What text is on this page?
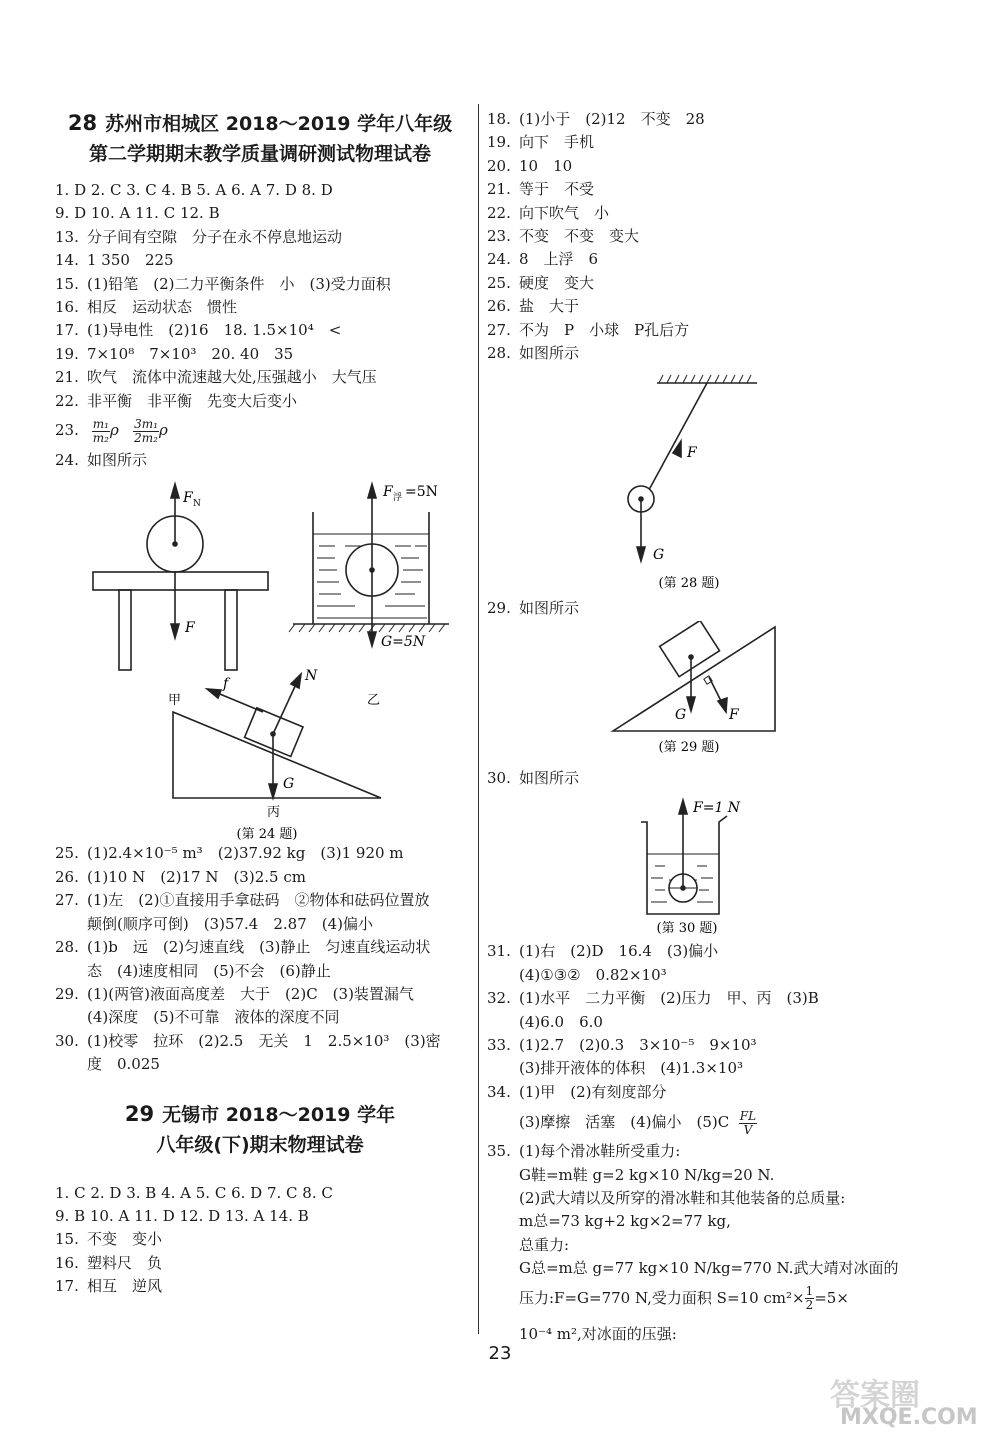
28 苏州市相城区 2018～2019 学年八年级
第二学期期末教学质量调研测试物理试卷
1. D 2. C 3. C 4. B 5. A 6. A 7. D 8. D
9. D 10. A 11. C 12. B
13. 分子间有空隙　分子在永不停息地运动
14. 1 350　225
15. (1)铅笔　(2)二力平衡条件　小　(3)受力面积
16. 相反　运动状态　惯性
17. (1)导电性　(2)16　18. 1.5×10⁴　<
19. 7×10⁸　7×10³　20. 40　35
21. 吹气　流体中流速越大处,压强越小　大气压
22. 非平衡　非平衡　先变大后变小
23. $\frac{\text{m₁}}{\text{m₂}}\rho \frac{\text{3m₁}}{\text{2m₂}}\rho$
24. 如图所示
F N
F
甲
F 浮 =5N
G=5N
乙
f	N
G
丙
(第 24 题)
25. (1)2.4×10⁻⁵ m³　(2)37.92 kg　(3)1 920 m
26. (1)10 N　(2)17 N　(3)2.5 cm
27. (1)左　(2)①直接用手拿砝码　②物体和砝码位置放
颠倒(顺序可倒)　(3)57.4　2.87　(4)偏小
28. (1)b　远　(2)匀速直线　(3)静止　匀速直线运动状
态　(4)速度相同　(5)不会　(6)静止
29. (1)(两管)液面高度差　大于　(2)C　(3)装置漏气
(4)深度　(5)不可靠　液体的深度不同
30. (1)校零　拉环　(2)2.5　无关　1　2.5×10³　(3)密
度　0.025
29 无锡市 2018～2019 学年
八年级(下)期末物理试卷
1. C 2. D 3. B 4. A 5. C 6. D 7. C 8. C
9. B 10. A 11. D 12. D 13. A 14. B
15. 不变　变小
16. 塑料尺　负
17. 相互　逆风
18. (1)小于　(2)12　不变　28
19. 向下　手机
20. 10　10
21. 等于　不受
22. 向下吹气　小
23. 不变　不变　变大
24. 8　上浮　6
25. 硬度　变大
26. 盐　大于
27. 不为　P　小球　P孔后方
28. 如图所示
F
G
(第 28 题)
29. 如图所示
G	F
(第 29 题)
30. 如图所示
F=1 N
(第 30 题)
31. (1)右　(2)D　16.4　(3)偏小
(4)①③②　0.82×10³
32. (1)水平　二力平衡　(2)压力　甲、丙　(3)B
(4)6.0　6.0
33. (1)2.7　(2)0.3　3×10⁻⁵　9×10³
(3)排开液体的体积　(4)1.3×10³
34. (1)甲　(2)有刻度部分
(3)摩擦　活塞　(4)偏小　$(5)C \frac{FL}{V}$
35. (1)每个滑冰鞋所受重力:
G鞋=m鞋 g=2 kg×10 N/kg=20 N.
(2)武大靖以及所穿的滑冰鞋和其他装备的总质量:
m总=73 kg+2 kg×2=77 kg,
总重力:
G总=m总 g=77 kg×10 N/kg=770 N.武大靖对冰面的
压力:F=G=770 N,受力面积 S=10 $cm^2\times \frac{1}{2}=5\times$
10⁻⁴ m²,对冰面的压强:
23
答案圈
MXQE.COM
